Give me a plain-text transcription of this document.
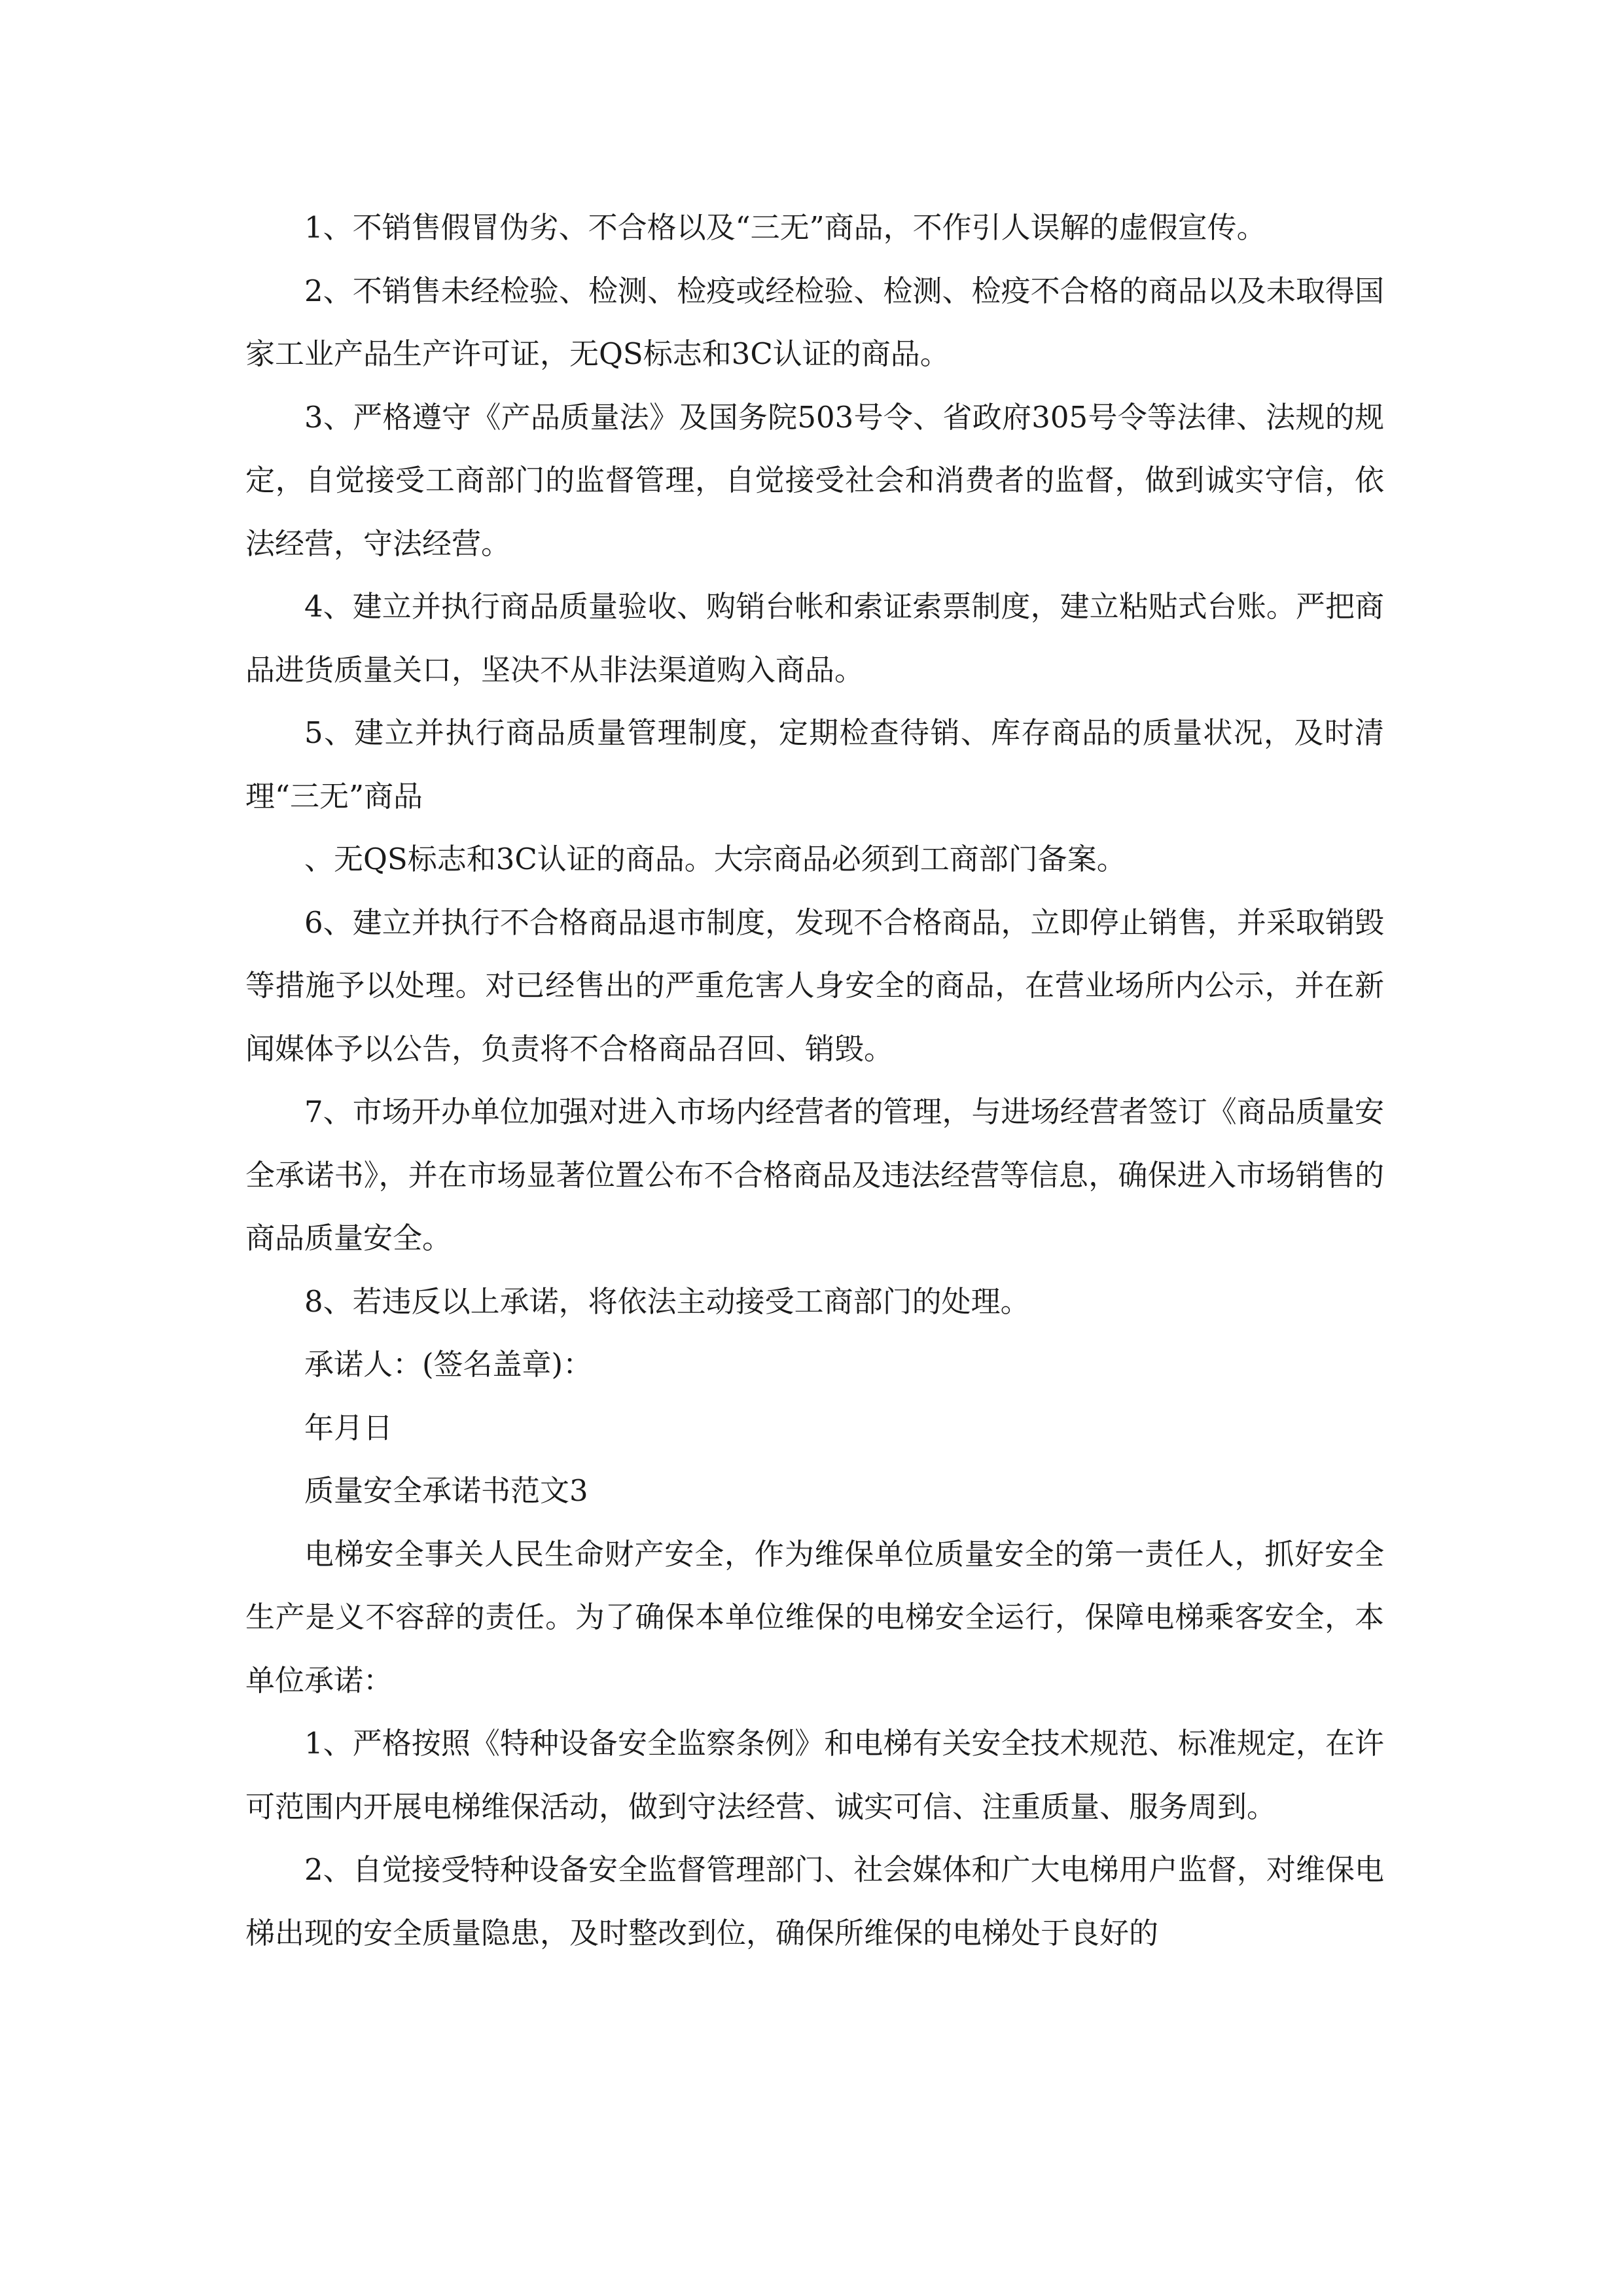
1、不销售假冒伪劣、不合格以及“三无”商品，不作引人误解的虚假宣传。

2、不销售未经检验、检测、检疫或经检验、检测、检疫不合格的商品以及未取得国家工业产品生产许可证，无QS标志和3C认证的商品。

3、严格遵守《产品质量法》及国务院503号令、省政府305号令等法律、法规的规定，自觉接受工商部门的监督管理，自觉接受社会和消费者的监督，做到诚实守信，依法经营，守法经营。

4、建立并执行商品质量验收、购销台帐和索证索票制度，建立粘贴式台账。严把商品进货质量关口，坚决不从非法渠道购入商品。

5、建立并执行商品质量管理制度，定期检查待销、库存商品的质量状况，及时清理“三无”商品

、无QS标志和3C认证的商品。大宗商品必须到工商部门备案。

6、建立并执行不合格商品退市制度，发现不合格商品，立即停止销售，并采取销毁等措施予以处理。对已经售出的严重危害人身安全的商品，在营业场所内公示，并在新闻媒体予以公告，负责将不合格商品召回、销毁。

7、市场开办单位加强对进入市场内经营者的管理，与进场经营者签订《商品质量安全承诺书》，并在市场显著位置公布不合格商品及违法经营等信息，确保进入市场销售的商品质量安全。

8、若违反以上承诺，将依法主动接受工商部门的处理。

承诺人：(签名盖章)：

年月日

质量安全承诺书范文3

电梯安全事关人民生命财产安全，作为维保单位质量安全的第一责任人，抓好安全生产是义不容辞的责任。为了确保本单位维保的电梯安全运行，保障电梯乘客安全，本单位承诺：

1、严格按照《特种设备安全监察条例》和电梯有关安全技术规范、标准规定，在许可范围内开展电梯维保活动，做到守法经营、诚实可信、注重质量、服务周到。

2、自觉接受特种设备安全监督管理部门、社会媒体和广大电梯用户监督，对维保电梯出现的安全质量隐患，及时整改到位，确保所维保的电梯处于良好的
